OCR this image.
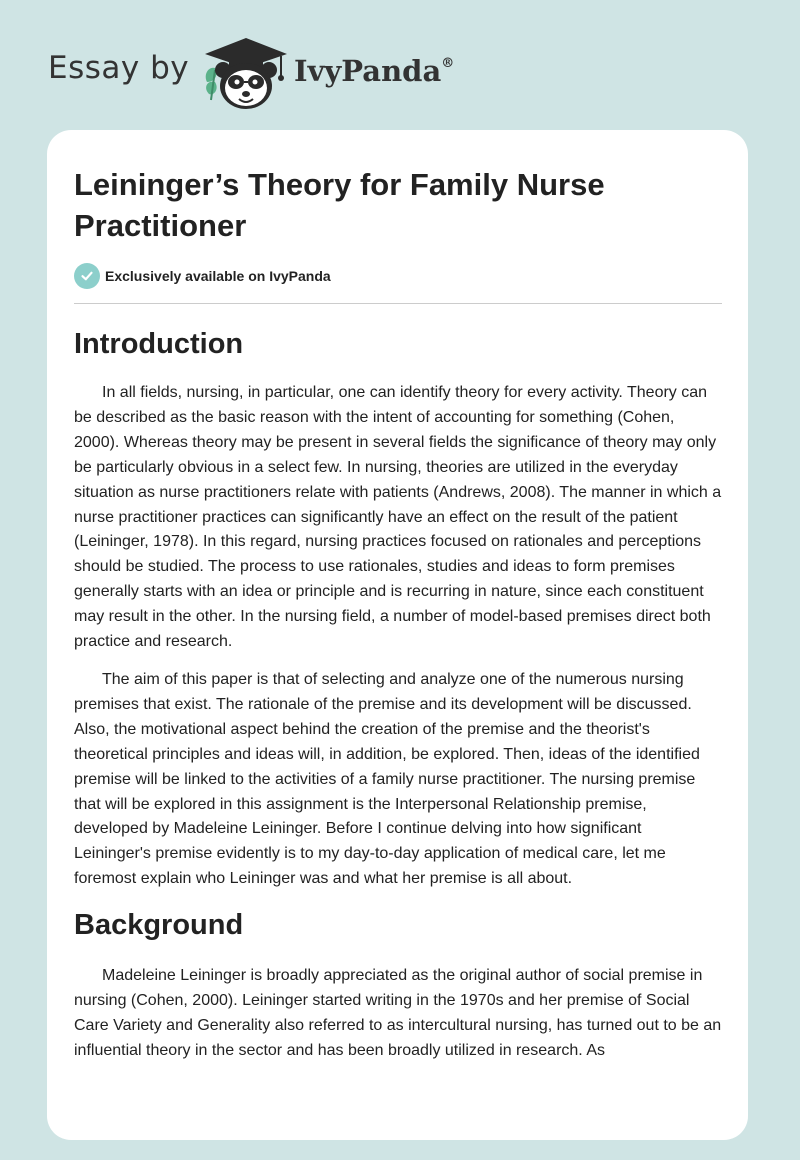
Essay by	IvyPanda®
Leininger’s Theory for Family Nurse Practitioner
Exclusively available on IvyPanda
Introduction

In all fields, nursing, in particular, one can identify theory for every activity. Theory can be described as the basic reason with the intent of accounting for something (Cohen, 2000). Whereas theory may be present in several fields the significance of theory may only be particularly obvious in a select few. In nursing, theories are utilized in the everyday situation as nurse practitioners relate with patients (Andrews, 2008). The manner in which a nurse practitioner practices can significantly have an effect on the result of the patient (Leininger, 1978). In this regard, nursing practices focused on rationales and perceptions should be studied. The process to use rationales, studies and ideas to form premises generally starts with an idea or principle and is recurring in nature, since each constituent may result in the other. In the nursing field, a number of model-based premises direct both practice and research.

The aim of this paper is that of selecting and analyze one of the numerous nursing premises that exist. The rationale of the premise and its development will be discussed. Also, the motivational aspect behind the creation of the premise and the theorist's theoretical principles and ideas will, in addition, be explored. Then, ideas of the identified premise will be linked to the activities of a family nurse practitioner. The nursing premise that will be explored in this assignment is the Interpersonal Relationship premise, developed by Madeleine Leininger. Before I continue delving into how significant Leininger's premise evidently is to my day-to-day application of medical care, let me foremost explain who Leininger was and what her premise is all about.

Background

Madeleine Leininger is broadly appreciated as the original author of social premise in nursing (Cohen, 2000). Leininger started writing in the 1970s and her premise of Social Care Variety and Generality also referred to as intercultural nursing, has turned out to be an influential theory in the sector and has been broadly utilized in research. As
